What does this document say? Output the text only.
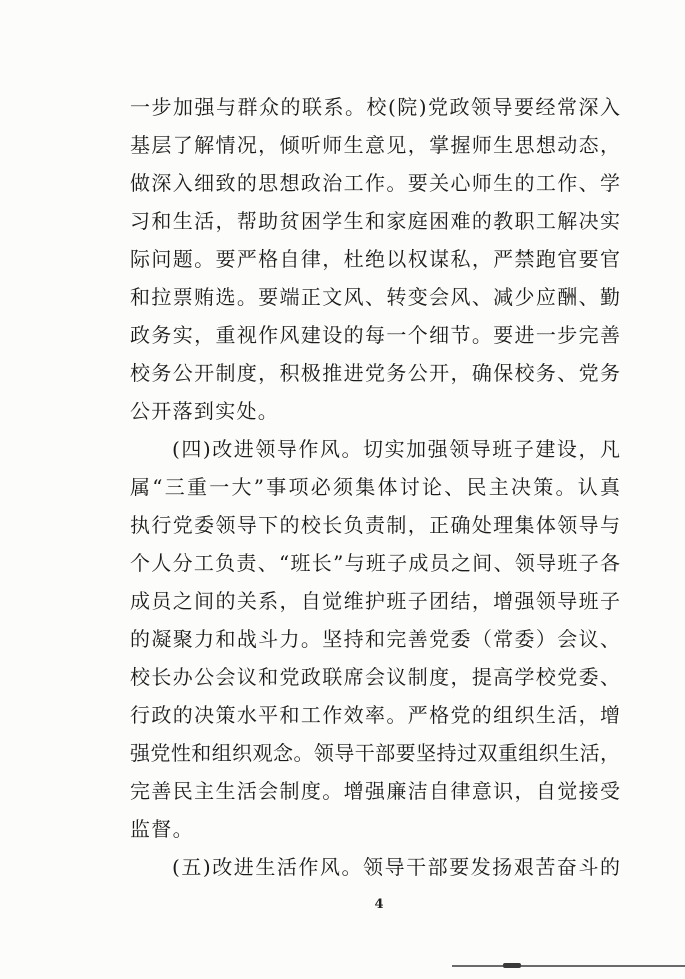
一步加强与群众的联系。校(院)党政领导要经常深入
基层了解情况，倾听师生意见，掌握师生思想动态，
做深入细致的思想政治工作。要关心师生的工作、学
习和生活，帮助贫困学生和家庭困难的教职工解决实
际问题。要严格自律，杜绝以权谋私，严禁跑官要官
和拉票贿选。要端正文风、转变会风、减少应酬、勤
政务实，重视作风建设的每一个细节。要进一步完善
校务公开制度，积极推进党务公开，确保校务、党务
公开落到实处。
(四)改进领导作风。切实加强领导班子建设，凡
属“三重一大”事项必须集体讨论、民主决策。认真
执行党委领导下的校长负责制，正确处理集体领导与
个人分工负责、“班长”与班子成员之间、领导班子各
成员之间的关系，自觉维护班子团结，增强领导班子
的凝聚力和战斗力。坚持和完善党委（常委）会议、
校长办公会议和党政联席会议制度，提高学校党委、
行政的决策水平和工作效率。严格党的组织生活，增
强党性和组织观念。领导干部要坚持过双重组织生活，
完善民主生活会制度。增强廉洁自律意识，自觉接受
监督。
(五)改进生活作风。领导干部要发扬艰苦奋斗的
4
